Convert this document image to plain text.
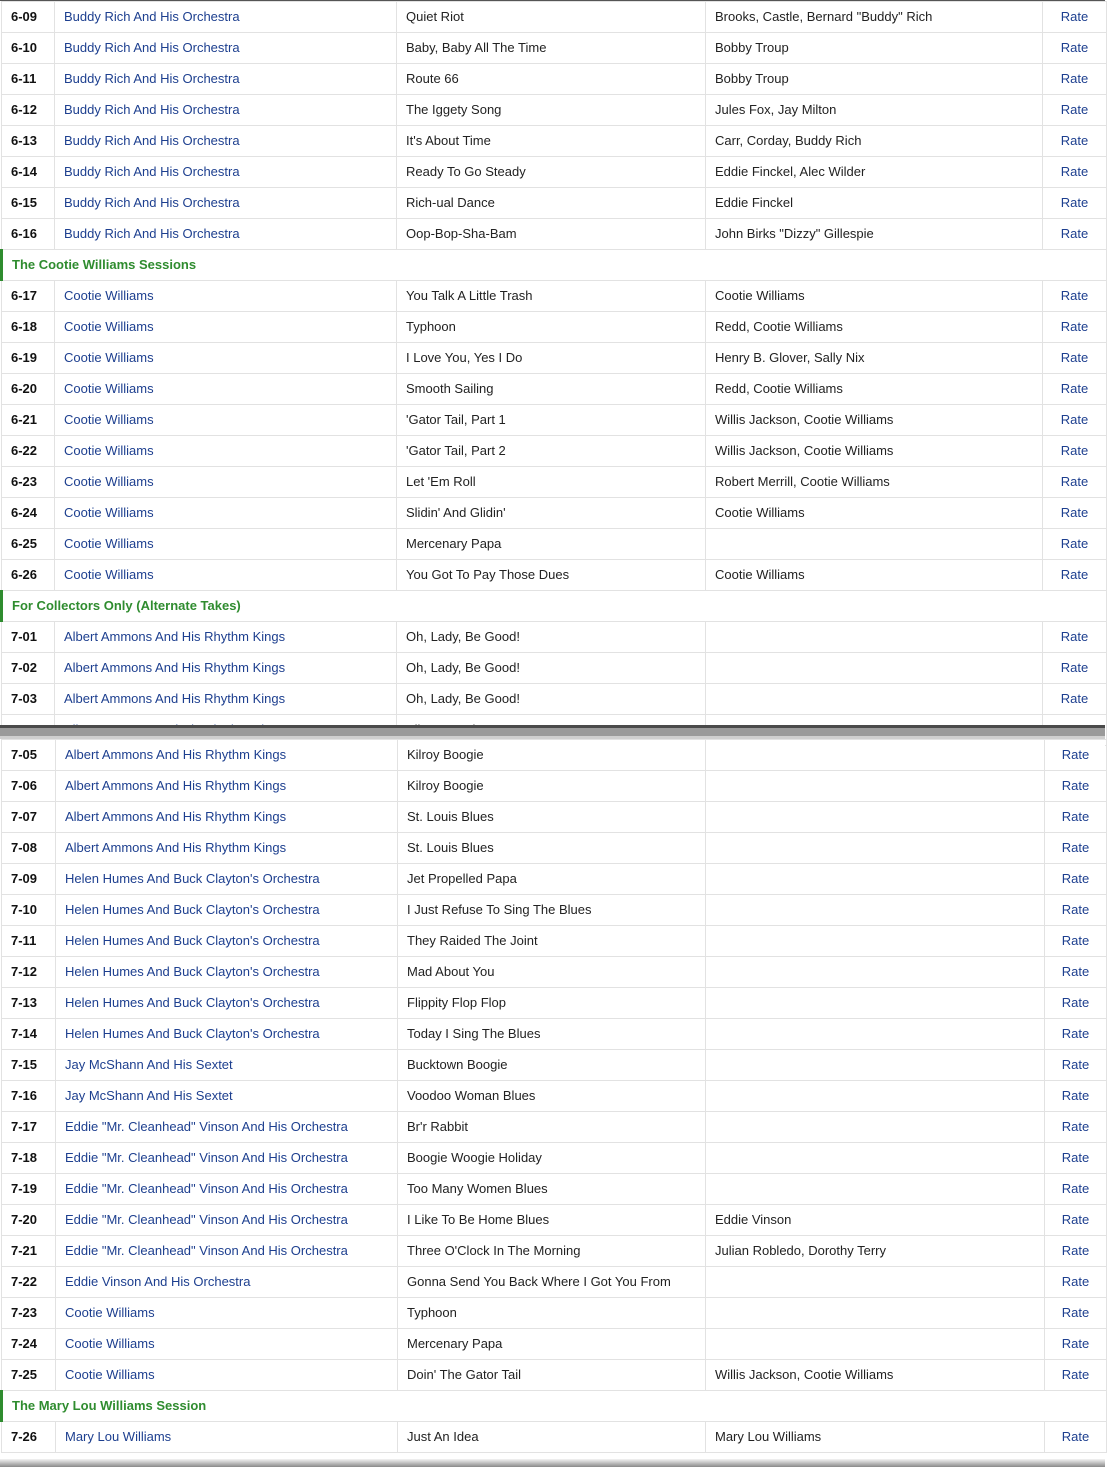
6-09	Buddy Rich And His Orchestra	Quiet Riot	Brooks, Castle, Bernard "Buddy" Rich	Rate
6-10	Buddy Rich And His Orchestra	Baby, Baby All The Time	Bobby Troup	Rate
6-11	Buddy Rich And His Orchestra	Route 66	Bobby Troup	Rate
6-12	Buddy Rich And His Orchestra	The Iggety Song	Jules Fox, Jay Milton	Rate
6-13	Buddy Rich And His Orchestra	It's About Time	Carr, Corday, Buddy Rich	Rate
6-14	Buddy Rich And His Orchestra	Ready To Go Steady	Eddie Finckel, Alec Wilder	Rate
6-15	Buddy Rich And His Orchestra	Rich-ual Dance	Eddie Finckel	Rate
6-16	Buddy Rich And His Orchestra	Oop-Bop-Sha-Bam	John Birks "Dizzy" Gillespie	Rate
The Cootie Williams Sessions				
6-17	Cootie Williams	You Talk A Little Trash	Cootie Williams	Rate
6-18	Cootie Williams	Typhoon	Redd, Cootie Williams	Rate
6-19	Cootie Williams	I Love You, Yes I Do	Henry B. Glover, Sally Nix	Rate
6-20	Cootie Williams	Smooth Sailing	Redd, Cootie Williams	Rate
6-21	Cootie Williams	'Gator Tail, Part 1	Willis Jackson, Cootie Williams	Rate
6-22	Cootie Williams	'Gator Tail, Part 2	Willis Jackson, Cootie Williams	Rate
6-23	Cootie Williams	Let 'Em Roll	Robert Merrill, Cootie Williams	Rate
6-24	Cootie Williams	Slidin' And Glidin'	Cootie Williams	Rate
6-25	Cootie Williams	Mercenary Papa		Rate
6-26	Cootie Williams	You Got To Pay Those Dues	Cootie Williams	Rate
For Collectors Only (Alternate Takes)				
7-01	Albert Ammons And His Rhythm Kings	Oh, Lady, Be Good!		Rate
7-02	Albert Ammons And His Rhythm Kings	Oh, Lady, Be Good!		Rate
7-03	Albert Ammons And His Rhythm Kings	Oh, Lady, Be Good!		Rate

7-05	Albert Ammons And His Rhythm Kings	Kilroy Boogie		Rate
7-06	Albert Ammons And His Rhythm Kings	Kilroy Boogie		Rate
7-07	Albert Ammons And His Rhythm Kings	St. Louis Blues		Rate
7-08	Albert Ammons And His Rhythm Kings	St. Louis Blues		Rate
7-09	Helen Humes And Buck Clayton's Orchestra	Jet Propelled Papa		Rate
7-10	Helen Humes And Buck Clayton's Orchestra	I Just Refuse To Sing The Blues		Rate
7-11	Helen Humes And Buck Clayton's Orchestra	They Raided The Joint		Rate
7-12	Helen Humes And Buck Clayton's Orchestra	Mad About You		Rate
7-13	Helen Humes And Buck Clayton's Orchestra	Flippity Flop Flop		Rate
7-14	Helen Humes And Buck Clayton's Orchestra	Today I Sing The Blues		Rate
7-15	Jay McShann And His Sextet	Bucktown Boogie		Rate
7-16	Jay McShann And His Sextet	Voodoo Woman Blues		Rate
7-17	Eddie "Mr. Cleanhead" Vinson And His Orchestra	Br'r Rabbit		Rate
7-18	Eddie "Mr. Cleanhead" Vinson And His Orchestra	Boogie Woogie Holiday		Rate
7-19	Eddie "Mr. Cleanhead" Vinson And His Orchestra	Too Many Women Blues		Rate
7-20	Eddie "Mr. Cleanhead" Vinson And His Orchestra	I Like To Be Home Blues	Eddie Vinson	Rate
7-21	Eddie "Mr. Cleanhead" Vinson And His Orchestra	Three O'Clock In The Morning	Julian Robledo, Dorothy Terry	Rate
7-22	Eddie Vinson And His Orchestra	Gonna Send You Back Where I Got You From		Rate
7-23	Cootie Williams	Typhoon		Rate
7-24	Cootie Williams	Mercenary Papa		Rate
7-25	Cootie Williams	Doin' The Gator Tail	Willis Jackson, Cootie Williams	Rate
The Mary Lou Williams Session				
7-26	Mary Lou Williams	Just An Idea	Mary Lou Williams	Rate
